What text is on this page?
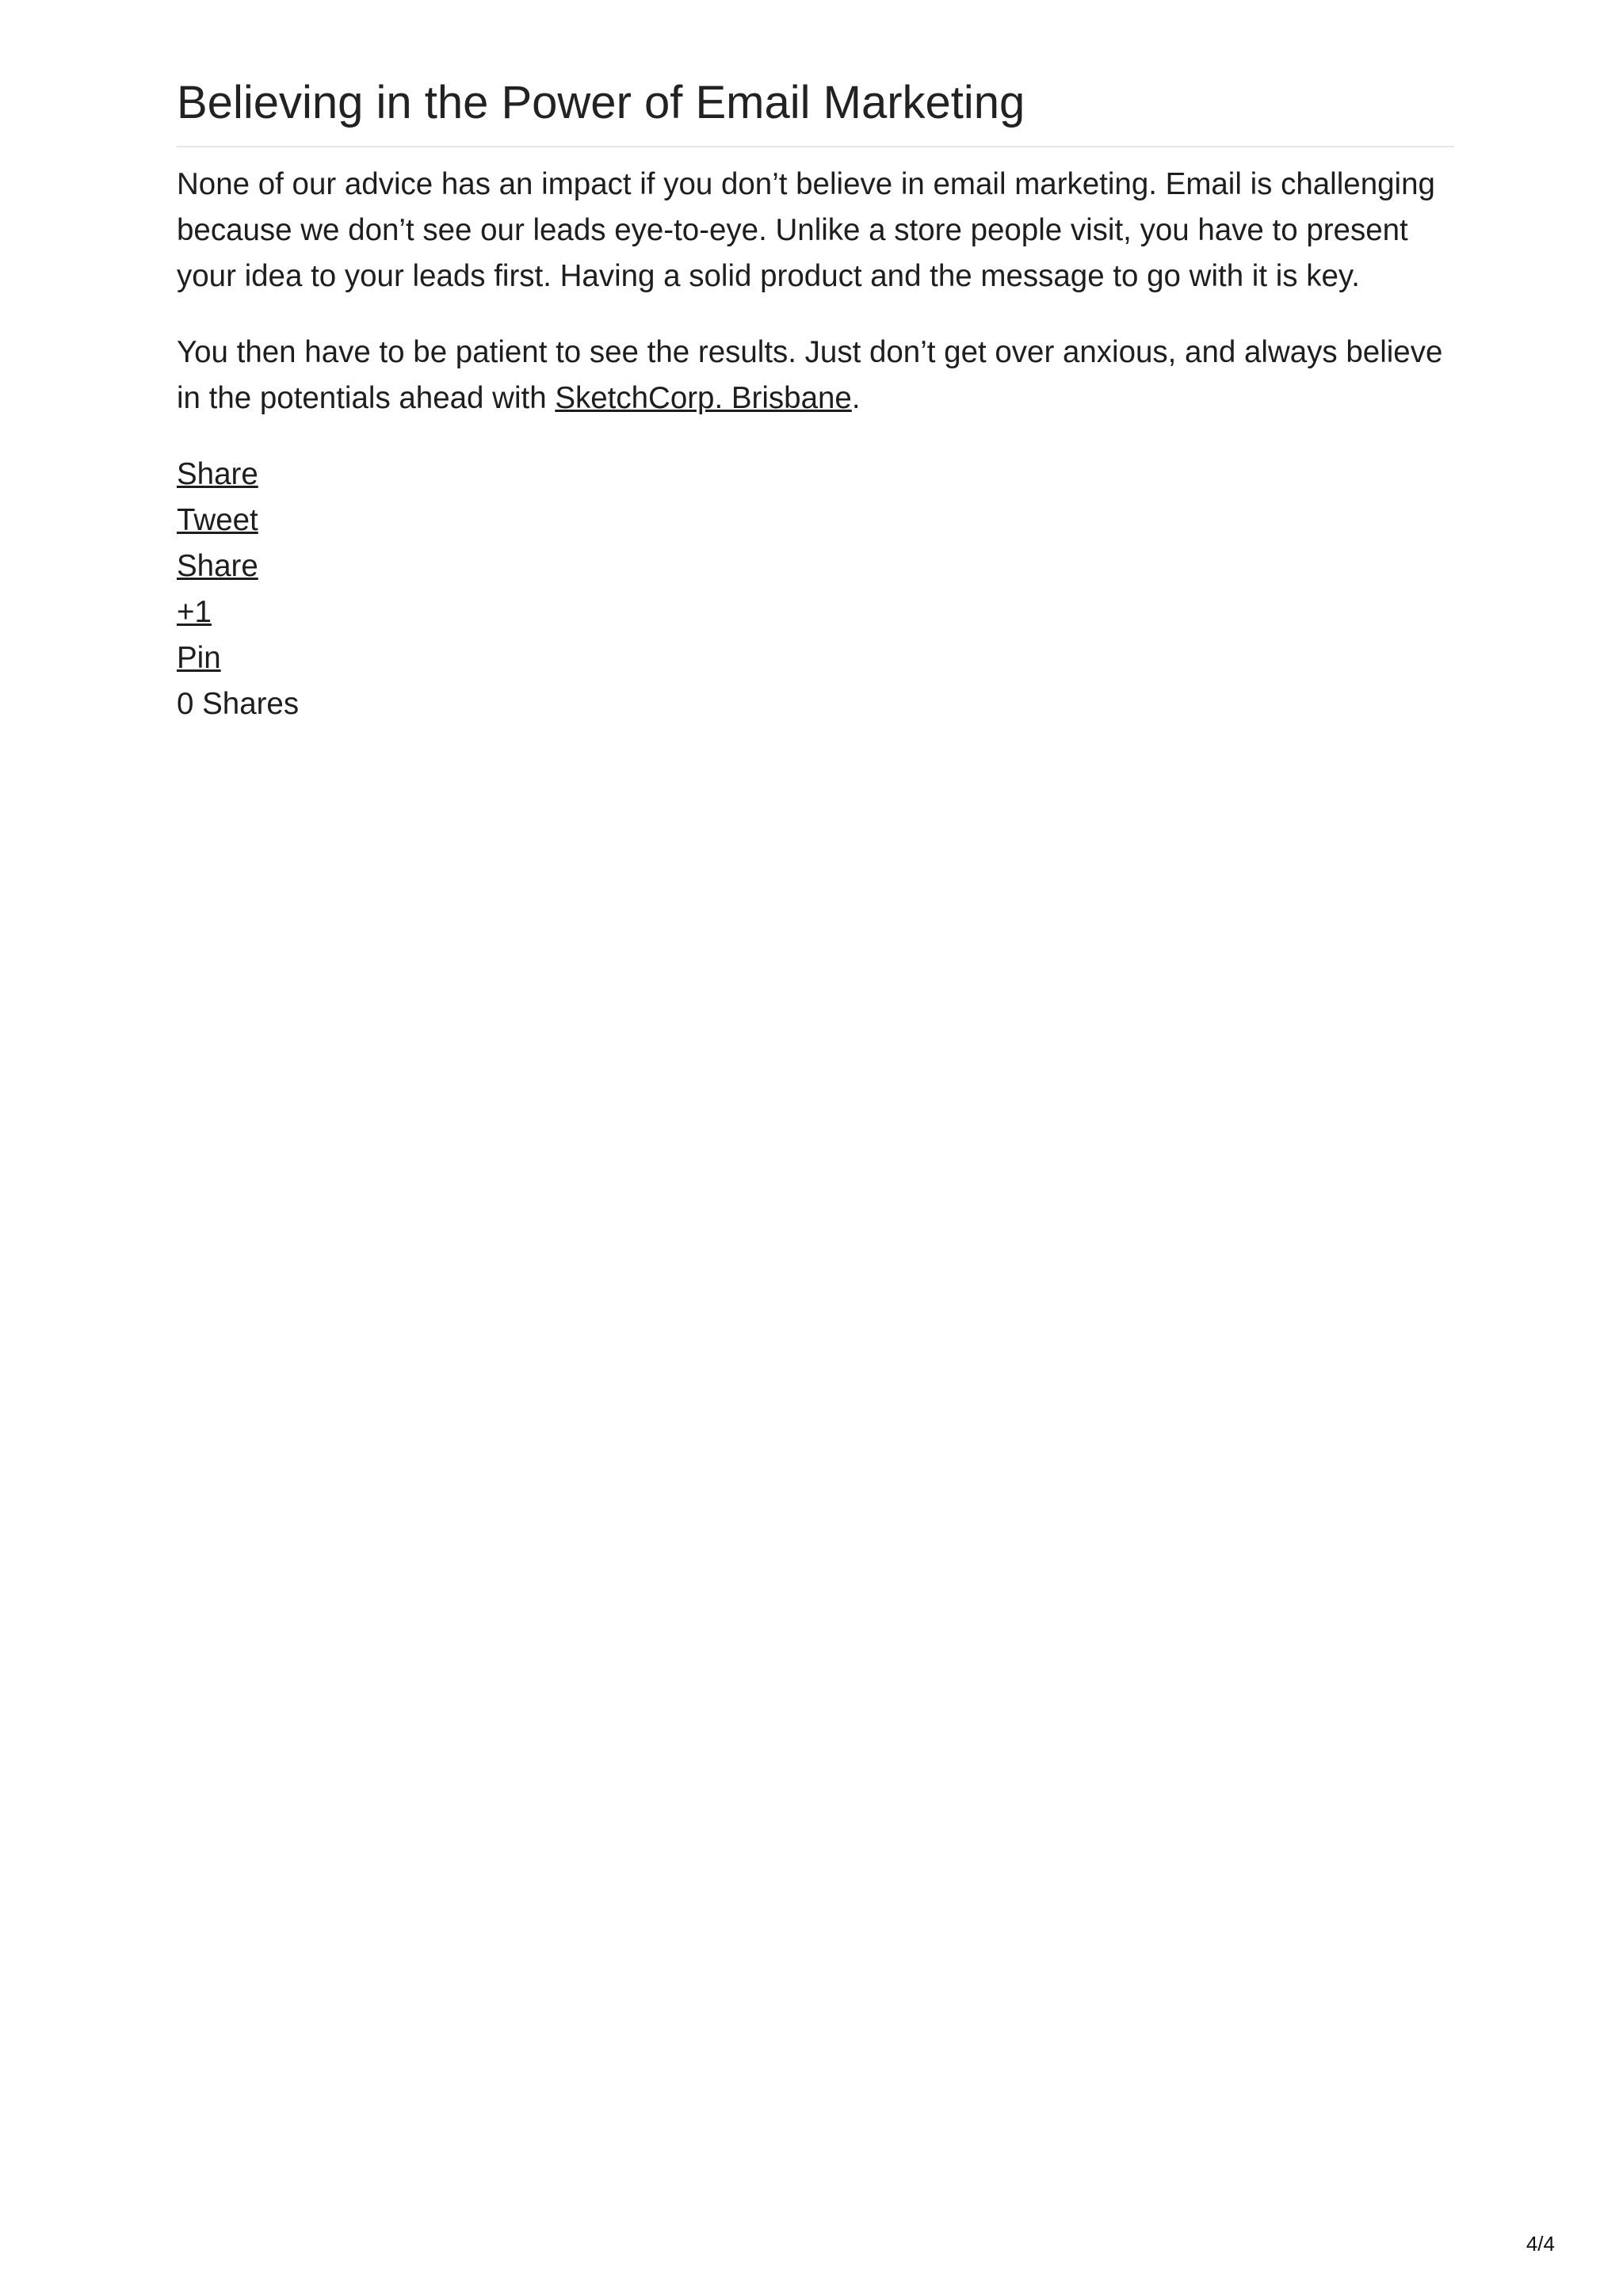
Believing in the Power of Email Marketing

None of our advice has an impact if you don’t believe in email marketing. Email is challenging because we don’t see our leads eye-to-eye. Unlike a store people visit, you have to present your idea to your leads first. Having a solid product and the message to go with it is key.

You then have to be patient to see the results. Just don’t get over anxious, and always believe in the potentials ahead with SketchCorp. Brisbane.

Share
Tweet
Share
+1
Pin
0 Shares
4/4
